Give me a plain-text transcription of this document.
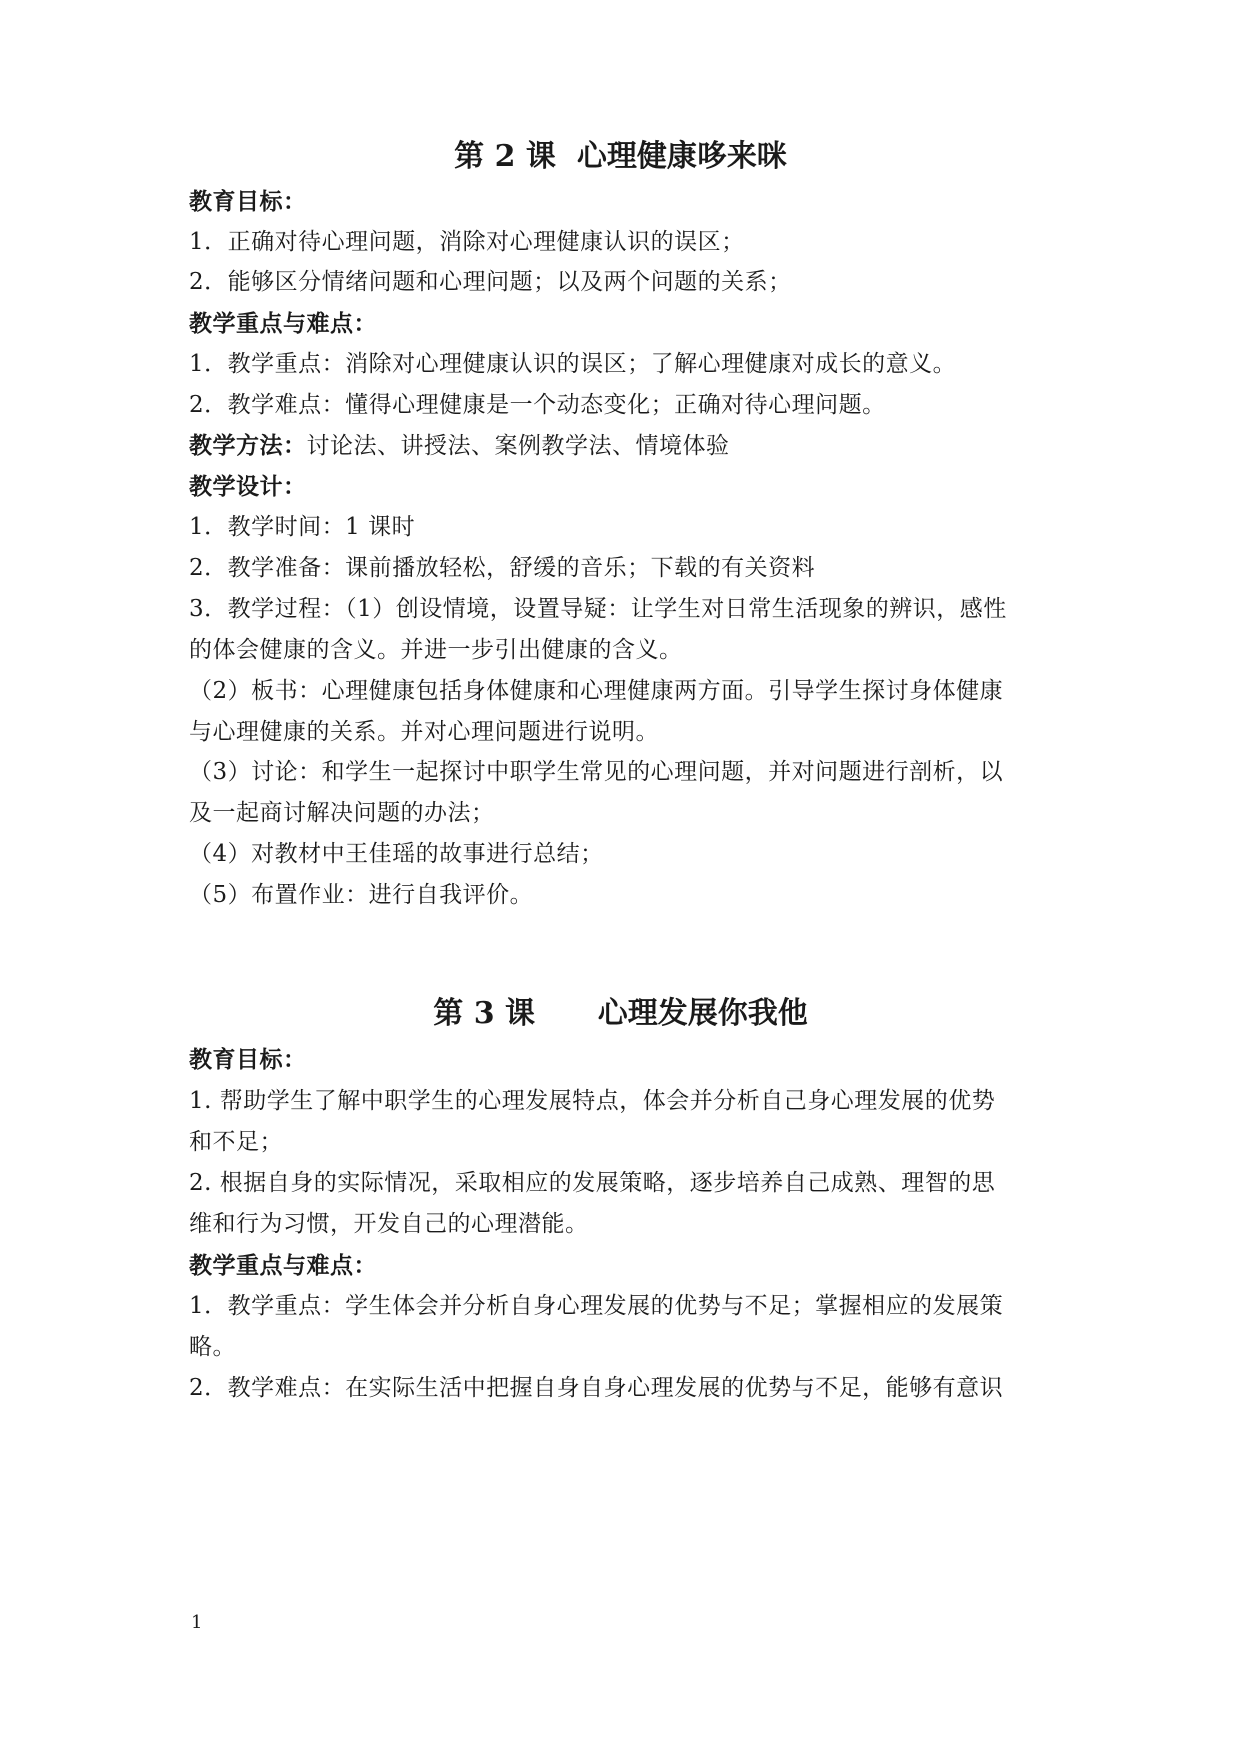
第 2 课  心理健康哆来咪
教育目标：
1．正确对待心理问题，消除对心理健康认识的误区；
2．能够区分情绪问题和心理问题；以及两个问题的关系；
教学重点与难点：
1．教学重点：消除对心理健康认识的误区；了解心理健康对成长的意义。
2．教学难点：懂得心理健康是一个动态变化；正确对待心理问题。
教学方法：讨论法、讲授法、案例教学法、情境体验
教学设计：
1．教学时间：1 课时
2．教学准备：课前播放轻松，舒缓的音乐；下载的有关资料
3．教学过程：（1）创设情境，设置导疑：让学生对日常生活现象的辨识，感性
的体会健康的含义。并进一步引出健康的含义。
（2）板书：心理健康包括身体健康和心理健康两方面。引导学生探讨身体健康
与心理健康的关系。并对心理问题进行说明。
（3）讨论：和学生一起探讨中职学生常见的心理问题，并对问题进行剖析，以
及一起商讨解决问题的办法；
（4）对教材中王佳瑶的故事进行总结；
（5）布置作业：进行自我评价。
第 3 课      心理发展你我他
教育目标：
1. 帮助学生了解中职学生的心理发展特点，体会并分析自己身心理发展的优势
和不足；
2. 根据自身的实际情况，采取相应的发展策略，逐步培养自己成熟、理智的思
维和行为习惯，开发自己的心理潜能。
教学重点与难点：
1．教学重点：学生体会并分析自身心理发展的优势与不足；掌握相应的发展策
略。
2．教学难点：在实际生活中把握自身自身心理发展的优势与不足，能够有意识
1
